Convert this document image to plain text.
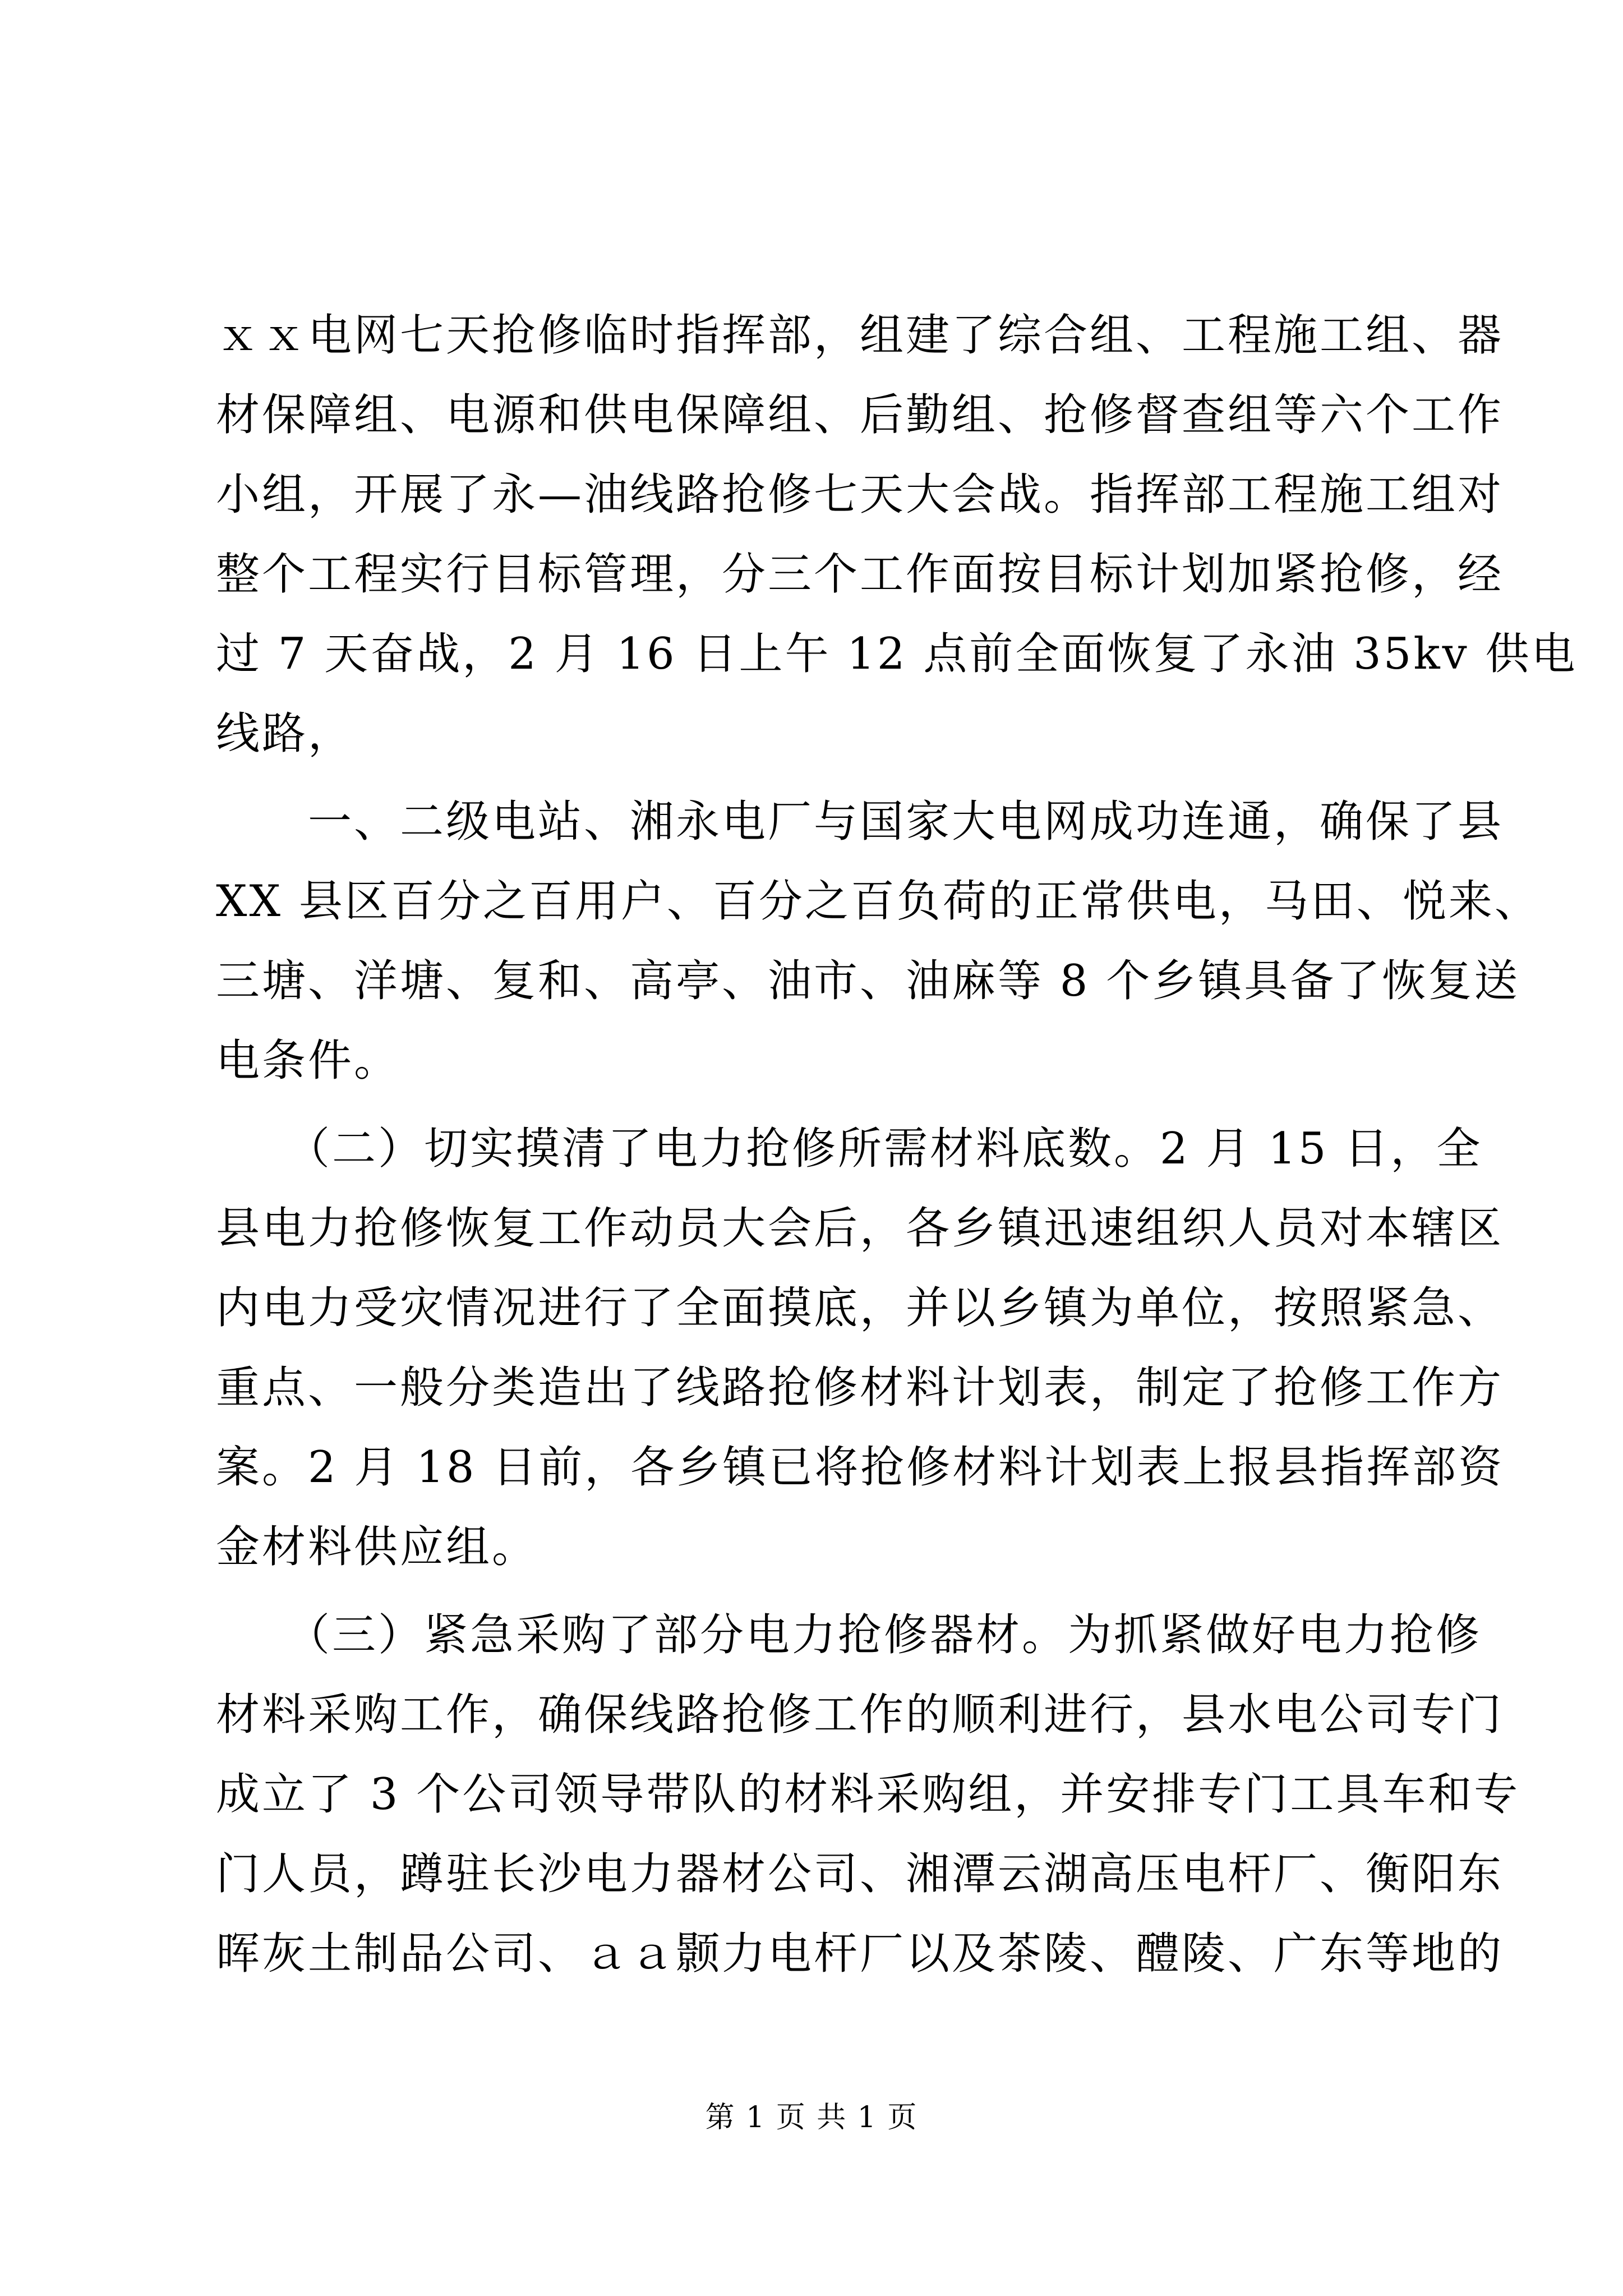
ｘｘ电网七天抢修临时指挥部，组建了综合组、工程施工组、器
材保障组、电源和供电保障组、后勤组、抢修督查组等六个工作
小组，开展了永—油线路抢修七天大会战。指挥部工程施工组对
整个工程实行目标管理，分三个工作面按目标计划加紧抢修，经
过 7 天奋战，2 月 16 日上午 12 点前全面恢复了永油 35kv 供电
线路，
　　一、二级电站、湘永电厂与国家大电网成功连通，确保了县
XX 县区百分之百用户、百分之百负荷的正常供电，马田、悦来、
三塘、洋塘、复和、高亭、油市、油麻等 8 个乡镇具备了恢复送
电条件。
　　（二）切实摸清了电力抢修所需材料底数。2 月 15 日，全
县电力抢修恢复工作动员大会后，各乡镇迅速组织人员对本辖区
内电力受灾情况进行了全面摸底，并以乡镇为单位，按照紧急、
重点、一般分类造出了线路抢修材料计划表，制定了抢修工作方
案。2 月 18 日前，各乡镇已将抢修材料计划表上报县指挥部资
金材料供应组。
　　（三）紧急采购了部分电力抢修器材。为抓紧做好电力抢修
材料采购工作，确保线路抢修工作的顺利进行，县水电公司专门
成立了 3 个公司领导带队的材料采购组，并安排专门工具车和专
门人员，蹲驻长沙电力器材公司、湘潭云湖高压电杆厂、衡阳东
晖灰土制品公司、ａａ颢力电杆厂以及茶陵、醴陵、广东等地的
第 1 页 共 1 页
